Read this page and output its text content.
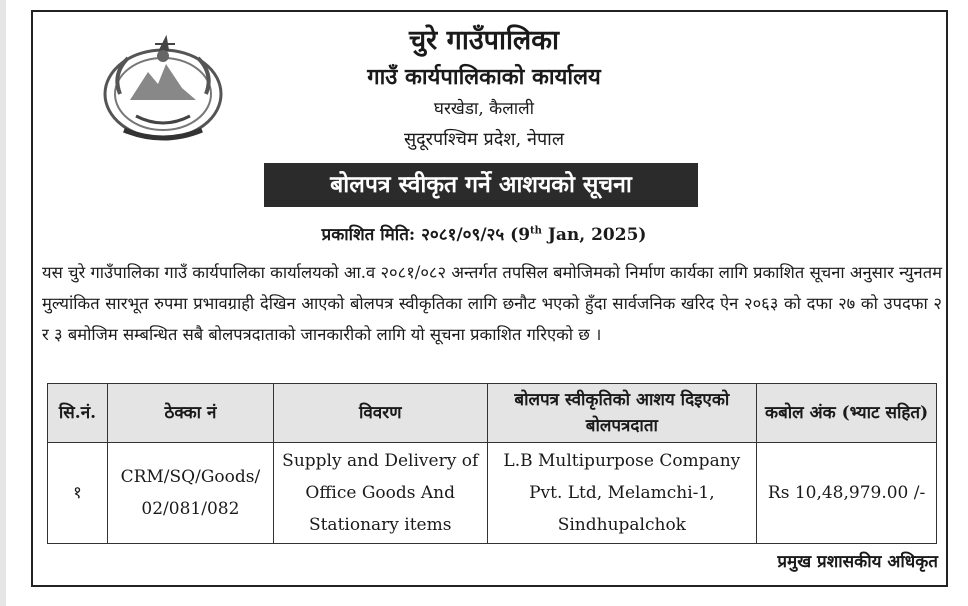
चुरे गाउँपालिका
गाउँ कार्यपालिकाको कार्यालय
घरखेडा, कैलाली
सुदूरपश्चिम प्रदेश, नेपाल
बोलपत्र स्वीकृत गर्ने आशयको सूचना
प्रकाशित मिति: २०८१/०९/२५ (9th Jan, 2025)
यस चुरे गाउँपालिका गाउँ कार्यपालिका कार्यालयको आ.व २०८१/०८२ अन्तर्गत तपसिल बमोजिमको निर्माण कार्यका लागि प्रकाशित सूचना अनुसार न्युनतम मुल्यांकित सारभूत रुपमा प्रभावग्राही देखिन आएको बोलपत्र स्वीकृतिका लागि छनौट भएको हुँदा सार्वजनिक खरिद ऐन २०६३ को दफा २७ को उपदफा २ र ३ बमोजिम सम्बन्धित सबै बोलपत्रदाताको जानकारीको लागि यो सूचना प्रकाशित गरिएको छ ।
सि.नं.	ठेक्का नं	विवरण	बोलपत्र स्वीकृतिको आशय दिइएको बोलपत्रदाता	कबोल अंक (भ्याट सहित)
१	CRM/SQ/Goods/ 02/081/082	Supply and Delivery of Office Goods And Stationary items	L.B Multipurpose Company Pvt. Ltd, Melamchi-1, Sindhupalchok	Rs 10,48,979.00 /-
प्रमुख प्रशासकीय अधिकृत
